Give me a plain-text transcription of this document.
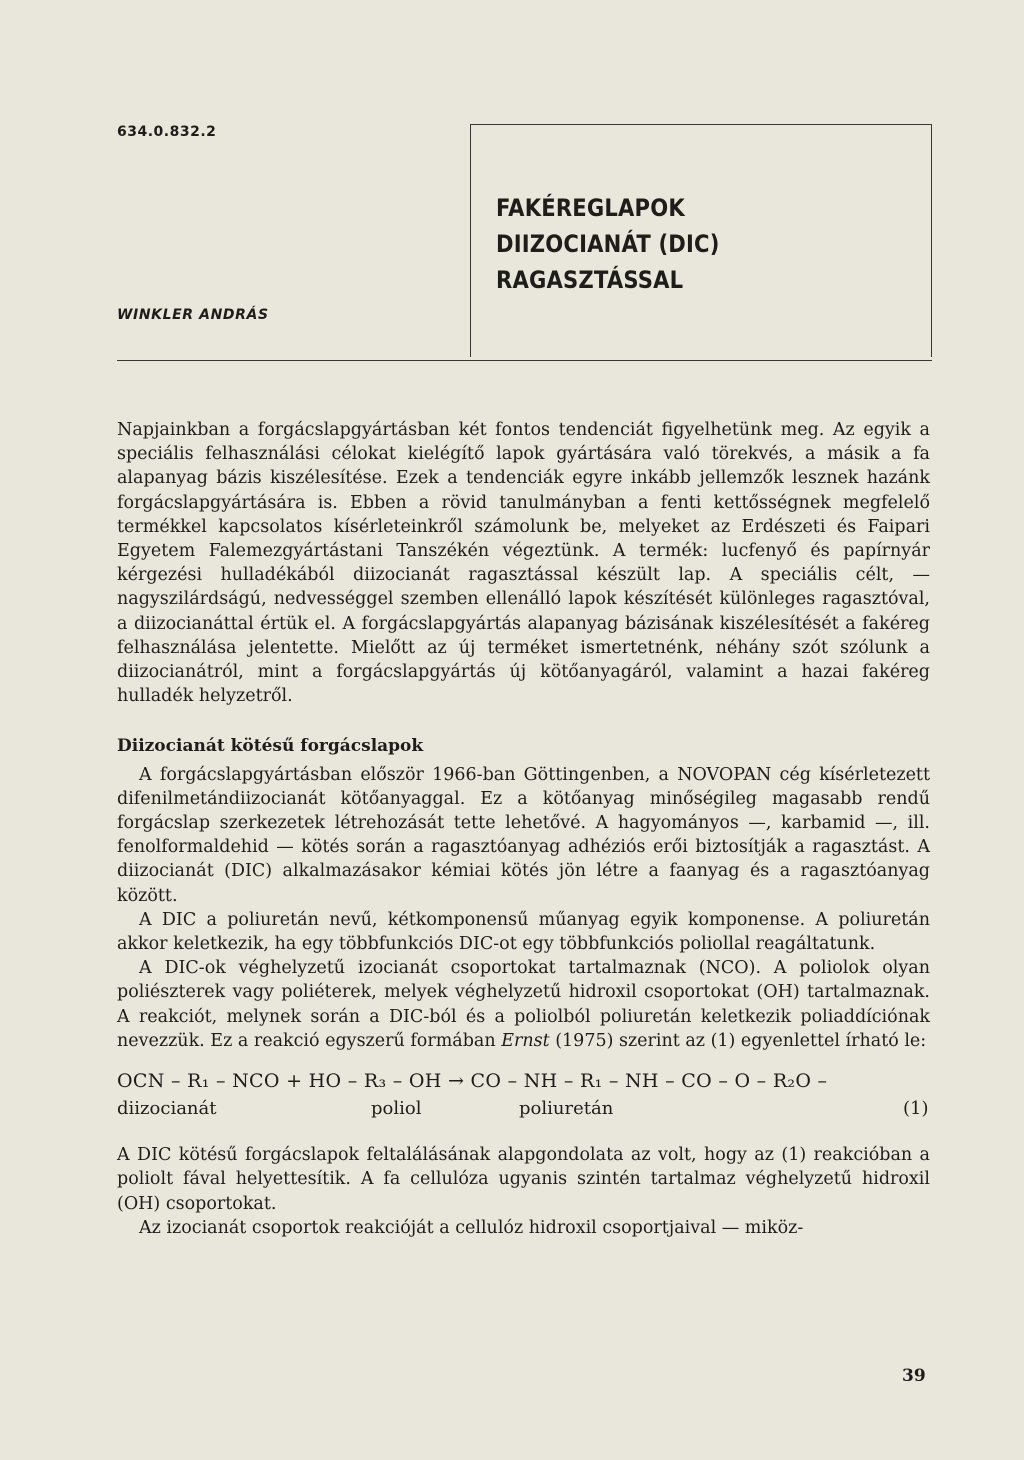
634.0.832.2
WINKLER ANDRÁS
FAKÉREGLAPOK
DIIZOCIANÁT (DIC)
RAGASZTÁSSAL

Napjainkban a forgácslapgyártásban két fontos tendenciát figyelhetünk meg. Az egyik a speciális felhasználási célokat kielégítő lapok gyártására való törekvés, a másik a fa alapanyag bázis kiszélesítése. Ezek a tendenciák egyre inkább jellemzők lesznek hazánk forgácslapgyártására is. Ebben a rövid tanulmányban a fenti kettősségnek megfelelő termékkel kapcsolatos kísérleteinkről számolunk be, melyeket az Erdészeti és Faipari Egyetem Falemezgyártástani Tanszékén végeztünk. A termék: lucfenyő és papírnyár kérgezési hulladékából diizocianát ragasztással készült lap. A speciális célt, — nagyszilárdságú, nedvességgel szemben ellenálló lapok készítését különleges ragasztóval, a diizocianáttal értük el. A forgácslapgyártás alapanyag bázisának kiszélesítését a fakéreg felhasználása jelentette. Mielőtt az új terméket ismertetnénk, néhány szót szólunk a diizocianátról, mint a forgácslapgyártás új kötőanyagáról, valamint a hazai fakéreg hulladék helyzetről.

Diizocianát kötésű forgácslapok

A forgácslapgyártásban először 1966-ban Göttingenben, a NOVOPAN cég kísérletezett difenilmetándiizocianát kötőanyaggal. Ez a kötőanyag minőségileg magasabb rendű forgácslap szerkezetek létrehozását tette lehetővé. A hagyományos —, karbamid —, ill. fenolformaldehid — kötés során a ragasztóanyag adhéziós erői biztosítják a ragasztást. A diizocianát (DIC) alkalmazásakor kémiai kötés jön létre a faanyag és a ragasztóanyag között.

A DIC a poliuretán nevű, kétkomponensű műanyag egyik komponense. A poliuretán akkor keletkezik, ha egy többfunkciós DIC-ot egy többfunkciós poliollal reagáltatunk.

A DIC-ok véghelyzetű izocianát csoportokat tartalmaznak (NCO). A poliolok olyan poliészterek vagy poliéterek, melyek véghelyzetű hidroxil csoportokat (OH) tartalmaznak. A reakciót, melynek során a DIC-ból és a poliolból poliuretán keletkezik poliaddíciónak nevezzük. Ez a reakció egyszerű formában Ernst (1975) szerint az (1) egyenlettel írható le:

OCN – R₁ – NCO + HO – R₃ – OH → CO – NH – R₁ – NH – CO – O – R₂O –
diizocianát	poliol	poliuretán	(1)

A DIC kötésű forgácslapok feltalálásának alapgondolata az volt, hogy az (1) reakcióban a poliolt fával helyettesítik. A fa cellulóza ugyanis szintén tartalmaz véghelyzetű hidroxil (OH) csoportokat.

Az izocianát csoportok reakcióját a cellulóz hidroxil csoportjaival — miköz-

39
